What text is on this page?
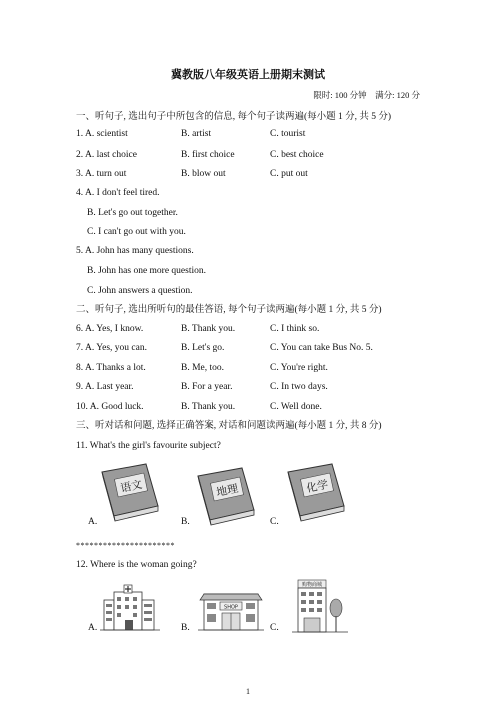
冀教版八年级英语上册期末测试
限时: 100 分钟　满分: 120 分
一、听句子, 选出句子中所包含的信息, 每个句子读两遍(每小题 1 分, 共 5 分)
1. A. scientist	B. artist	C. tourist
2. A. last choice	B. first choice	C. best choice
3. A. turn out	B. blow out	C. put out
4. A. I don't feel tired.
B. Let's go out together.
C. I can't go out with you.
5. A. John has many questions.
B. John has one more question.
C. John answers a question.
二、听句子, 选出所听句的最佳答语, 每个句子读两遍(每小题 1 分, 共 5 分)
6. A. Yes, I know.	B. Thank you.	C. I think so.
7. A. Yes, you can.	B. Let's go.	C. You can take Bus No. 5.
8. A. Thanks a lot.	B. Me, too.	C. You're right.
9. A. Last year.	B. For a year.	C. In two days.
10. A. Good luck.	B. Thank you.	C. Well done.
三、听对话和问题, 选择正确答案, 对话和问题读两遍(每小题 1 分, 共 8 分)
11. What's the girl's favourite subject?
语文
A.
地理
B.
化学
C.
**********************
12. Where is the woman going?
A.
SHOP
B.
购物商城
C.
1
